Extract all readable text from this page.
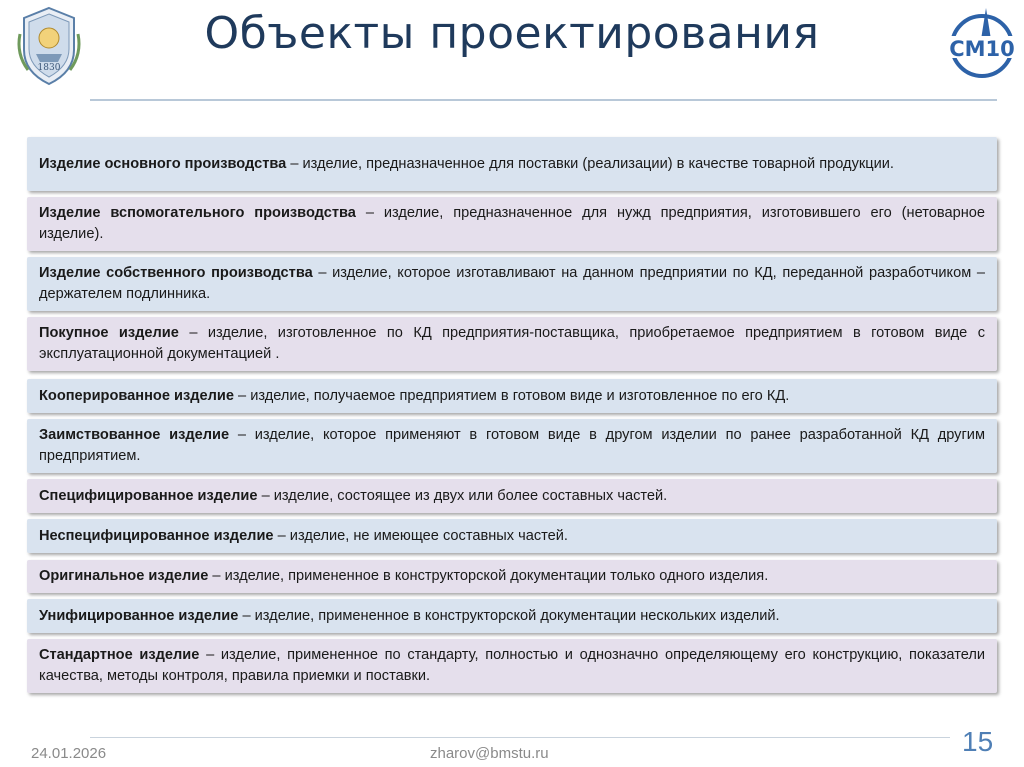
1830
Объекты проектирования	СМ10

Изделие основного производства – изделие, предназначенное для поставки (реализации) в качестве товарной продукции.

Изделие вспомогательного производства – изделие, предназначенное для нужд предприятия, изготовившего его (нетоварное изделие).

Изделие собственного производства – изделие, которое изготавливают на данном предприятии по КД, переданной разработчиком – держателем подлинника.

Покупное изделие – изделие, изготовленное по КД предприятия-поставщика, приобретаемое предприятием в готовом виде с эксплуатационной документацией .

Кооперированное изделие – изделие, получаемое предприятием в готовом виде и изготовленное по его КД.

Заимствованное изделие – изделие, которое применяют в готовом виде в другом изделии по ранее разработанной КД другим предприятием.

Специфицированное изделие – изделие, состоящее из двух или более составных частей.

Неспецифицированное изделие – изделие, не имеющее составных частей.

Оригинальное изделие – изделие, примененное в конструкторской документации только одного изделия.

Унифицированное изделие – изделие, примененное в конструкторской документации нескольких изделий.

Стандартное изделие – изделие, примененное по стандарту, полностью и однозначно определяющему его конструкцию, показатели качества, методы контроля, правила приемки и поставки.

24.01.2026	zharov@bmstu.ru	15
